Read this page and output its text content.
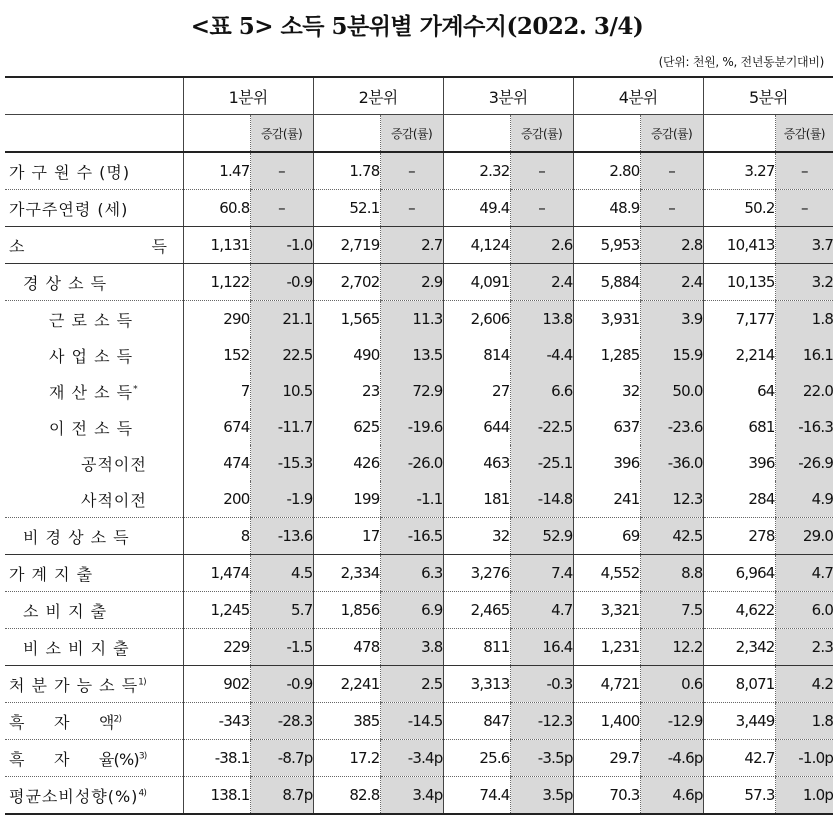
<표 5> 소득 5분위별 가계수지(2022. 3/4)
(단위: 천원, %, 전년동분기대비)
	1분위		2분위		3분위		4분위		5분위	
		증감(률)		증감(률)		증감(률)		증감(률)		증감(률)
가 구 원 수 (명)	1.47	–	1.78	–	2.32	–	2.80	–	3.27	–
가구주연령 (세)	60.8	–	52.1	–	49.4	–	48.9	–	50.2	–

소 득	1,131	-1.0	2,719	2.7	4,124	2.6	5,953	2.8	10,413	3.7
경 상 소 득	1,122	-0.9	2,702	2.9	4,091	2.4	5,884	2.4	10,135	3.2
근 로 소 득	290	21.1	1,565	11.3	2,606	13.8	3,931	3.9	7,177	1.8
사 업 소 득	152	22.5	490	13.5	814	-4.4	1,285	15.9	2,214	16.1
재 산 소 득*	7	10.5	23	72.9	27	6.6	32	50.0	64	22.0
이 전 소 득	674	-11.7	625	-19.6	644	-22.5	637	-23.6	681	-16.3
공적이전	474	-15.3	426	-26.0	463	-25.1	396	-36.0	396	-26.9
사적이전	200	-1.9	199	-1.1	181	-14.8	241	12.3	284	4.9
비 경 상 소 득	8	-13.6	17	-16.5	32	52.9	69	42.5	278	29.0
가 계 지 출	1,474	4.5	2,334	6.3	3,276	7.4	4,552	8.8	6,964	4.7
소 비 지 출	1,245	5.7	1,856	6.9	2,465	4.7	3,321	7.5	4,622	6.0
비 소 비 지 출	229	-1.5	478	3.8	811	16.4	1,231	12.2	2,342	2.3
처 분 가 능 소 득$^{1)}$	902	-0.9	2,241	2.5	3,313	-0.3	4,721	0.6	8,071	4.2
흑 자 액$^{2)}$	-343	-28.3	385	-14.5	847	-12.3	1,400	-12.9	3,449	1.8
흑 자 율(%)$^{3)}$	-38.1	-8.7p	17.2	-3.4p	25.6	-3.5p	29.7	-4.6p	42.7	-1.0p
평균소비성향(%)$^{4)}$	138.1	8.7p	82.8	3.4p	74.4	3.5p	70.3	4.6p	57.3	1.0p
